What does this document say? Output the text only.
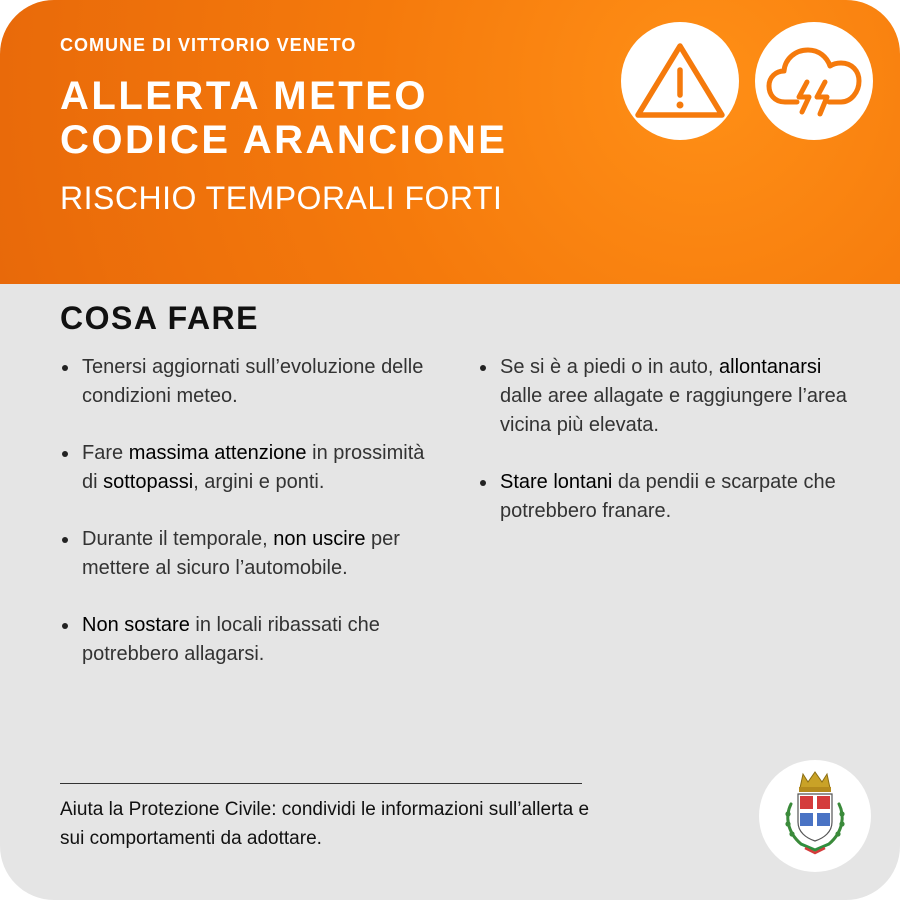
COMUNE DI VITTORIO VENETO

ALLERTA METEO
CODICE ARANCIONE

RISCHIO TEMPORALI FORTI

COSA FARE
Tenersi aggiornati sull’evoluzione delle condizioni meteo.
Fare massima attenzione in prossimità di sottopassi, argini e ponti.
Durante il temporale, non uscire per mettere al sicuro l’automobile.
Non sostare in locali ribassati che potrebbero allagarsi.
Se si è a piedi o in auto, allontanarsi dalle aree allagate e raggiungere l’area vicina più elevata.
Stare lontani da pendii e scarpate che potrebbero franare.

Aiuta la Protezione Civile: condividi le informazioni sull’allerta e sui comportamenti da adottare.
